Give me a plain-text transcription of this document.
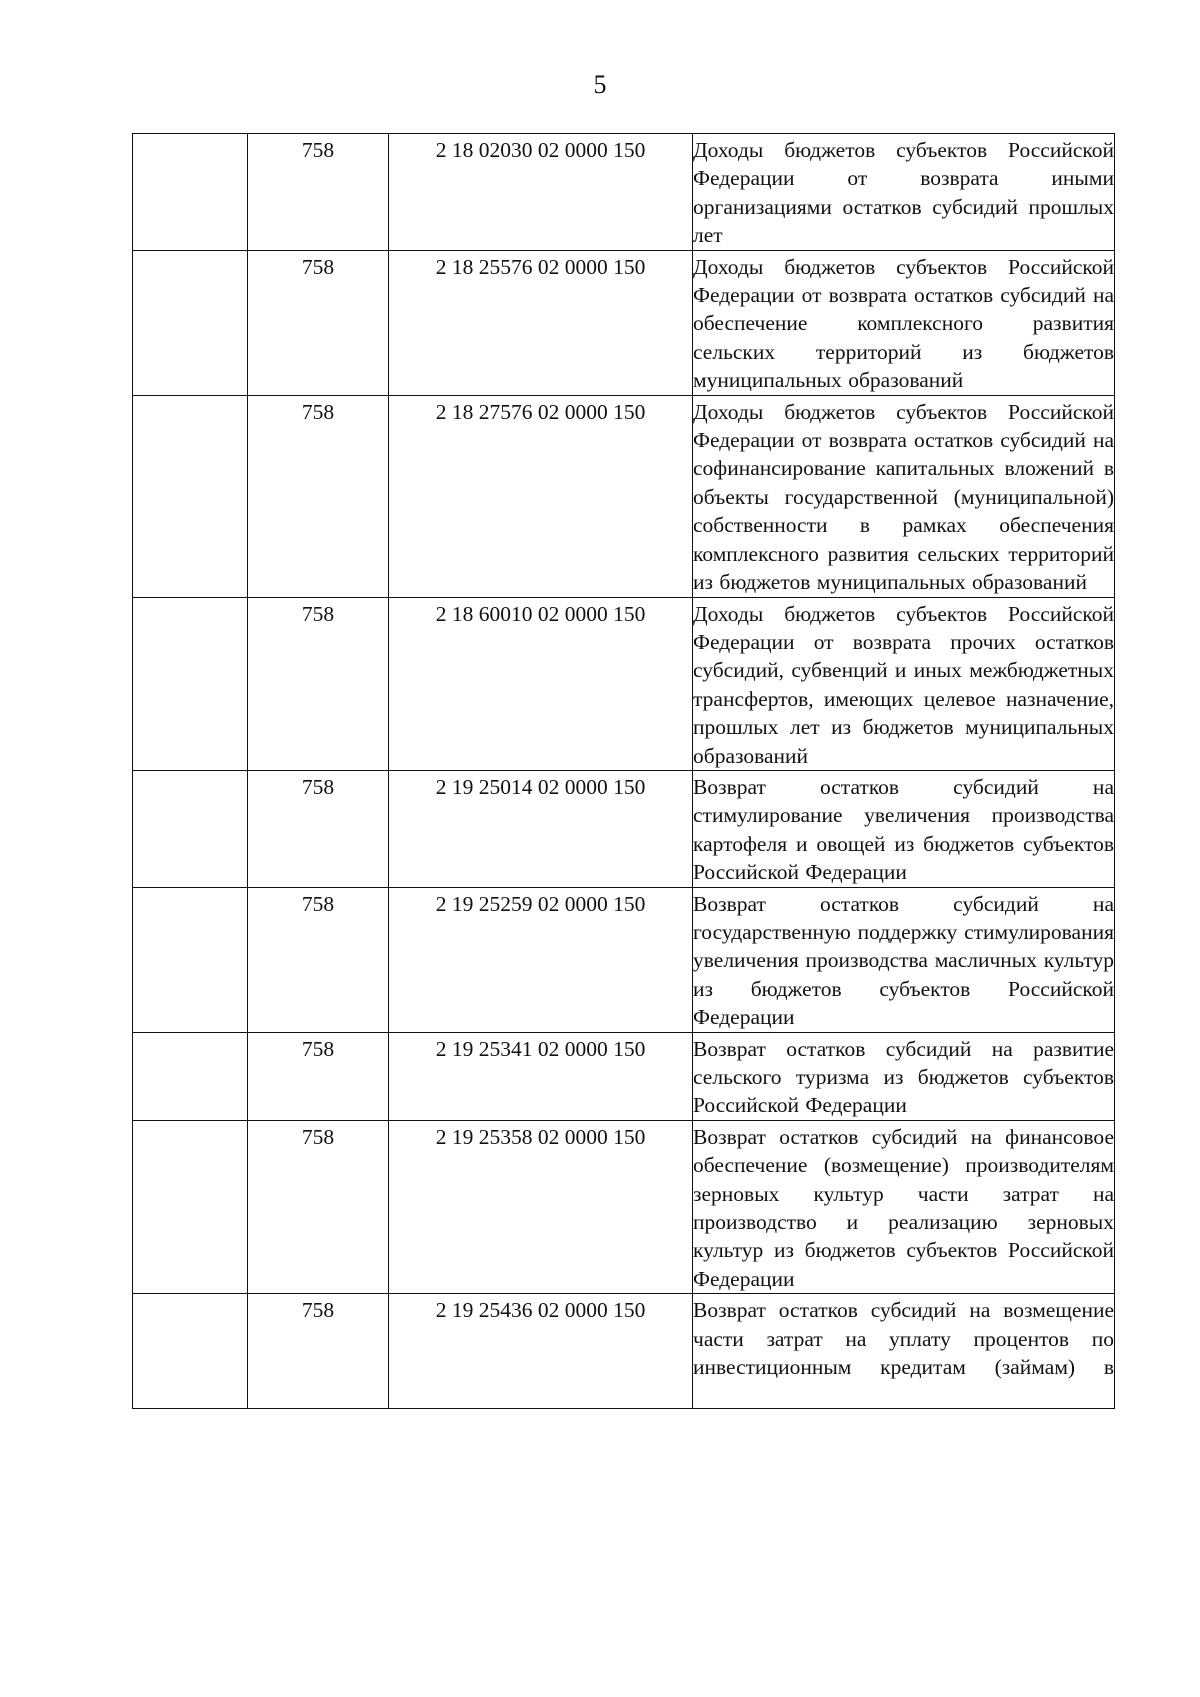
5
	758	2 18 02030 02 0000 150	Доходы бюджетов субъектов Российской Федерации от возврата иными организациями остатков субсидий прошлых лет
	758	2 18 25576 02 0000 150	Доходы бюджетов субъектов Российской Федерации от возврата остатков субсидий на обеспечение комплексного развития сельских территорий из бюджетов муниципальных образований
	758	2 18 27576 02 0000 150	Доходы бюджетов субъектов Российской Федерации от возврата остатков субсидий на софинансирование капитальных вложений в объекты государственной (муниципальной) собственности в рамках обеспечения комплексного развития сельских территорий из бюджетов муниципальных образований
	758	2 18 60010 02 0000 150	Доходы бюджетов субъектов Российской Федерации от возврата прочих остатков субсидий, субвенций и иных межбюджетных трансфертов, имеющих целевое назначение, прошлых лет из бюджетов муниципальных образований
	758	2 19 25014 02 0000 150	Возврат остатков субсидий на стимулирование увеличения производства картофеля и овощей из бюджетов субъектов Российской Федерации
	758	2 19 25259 02 0000 150	Возврат остатков субсидий на государственную поддержку стимулирования увеличения производства масличных культур из бюджетов субъектов Российской Федерации
	758	2 19 25341 02 0000 150	Возврат остатков субсидий на развитие сельского туризма из бюджетов субъектов Российской Федерации
	758	2 19 25358 02 0000 150	Возврат остатков субсидий на финансовое обеспечение (возмещение) производителям зерновых культур части затрат на производство и реализацию зерновых культур из бюджетов субъектов Российской Федерации
	758	2 19 25436 02 0000 150	Возврат остатков субсидий на возмещение части затрат на уплату процентов по инвестиционным кредитам (займам) в
